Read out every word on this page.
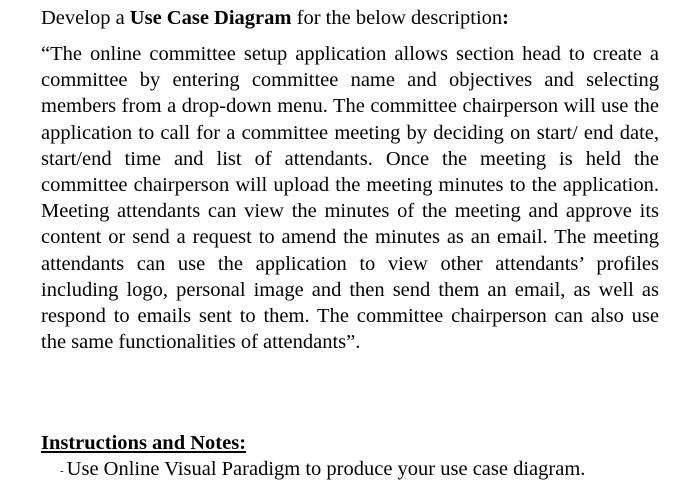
Develop a Use Case Diagram for the below description:

“The online committee setup application allows section head to create a committee by entering committee name and objectives and selecting members from a drop-down menu. The committee chairperson will use the application to call for a committee meeting by deciding on start/ end date, start/end time and list of attendants. Once the meeting is held the committee chairperson will upload the meeting minutes to the application. Meeting attendants can view the minutes of the meeting and approve its content or send a request to amend the minutes as an email. The meeting attendants can use the application to view other attendants’ profiles including logo, personal image and then send them an email, as well as respond to emails sent to them. The committee chairperson can also use the same functionalities of attendants”.

Instructions and Notes:
- Use Online Visual Paradigm to produce your use case diagram.
